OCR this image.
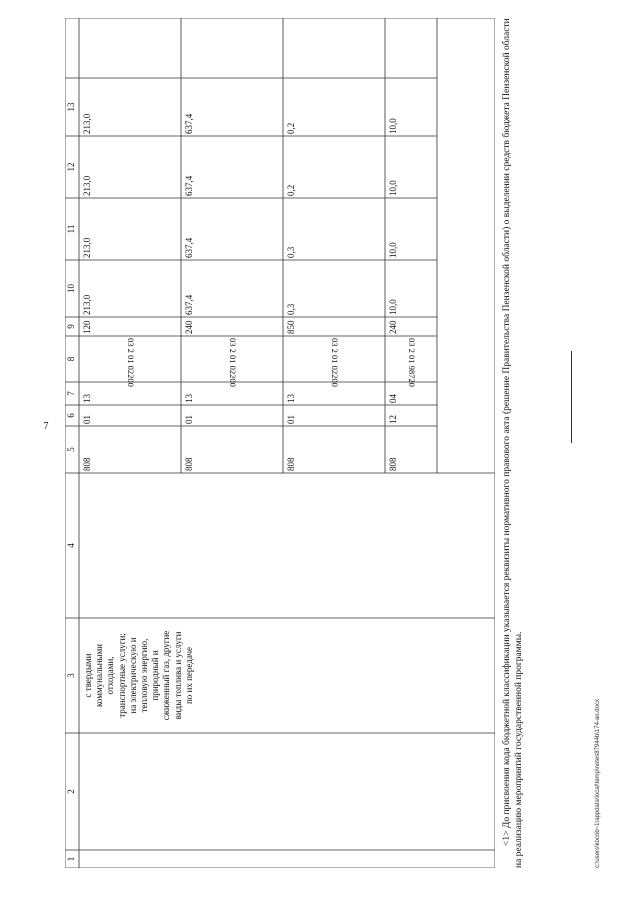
7
1
2
3
4
5
6
7
8
9
10
11
12
13
с твердыми
коммунальными
отходами,
транспортные услуги;
на электрическую и
тепловую энергию,
природный и
сжиженный газ, другие
виды топлива и услуги
по их передаче
808
01
13
03 2 01 02200
120
213,0
213,0
213,0
213,0
808
01
13
03 2 01 02200
240
637,4
637,4
637,4
637,4
808
01
13
03 2 01 02200
850
0,3
0,3
0,2
0,2
808
12
04
03 2 01 98720
240
10,0
10,0
10,0
10,0	<1> До присвоения кода бюджетной классификации указывается реквизиты нормативного правового акта (решение Правительства Пензенской области) о выделении средств бюджета Пензенской области на реализацию мероприятий государственной программы.	c:\users\kocob~1\appdata\local\temp\notes87944b\174-an.docx
